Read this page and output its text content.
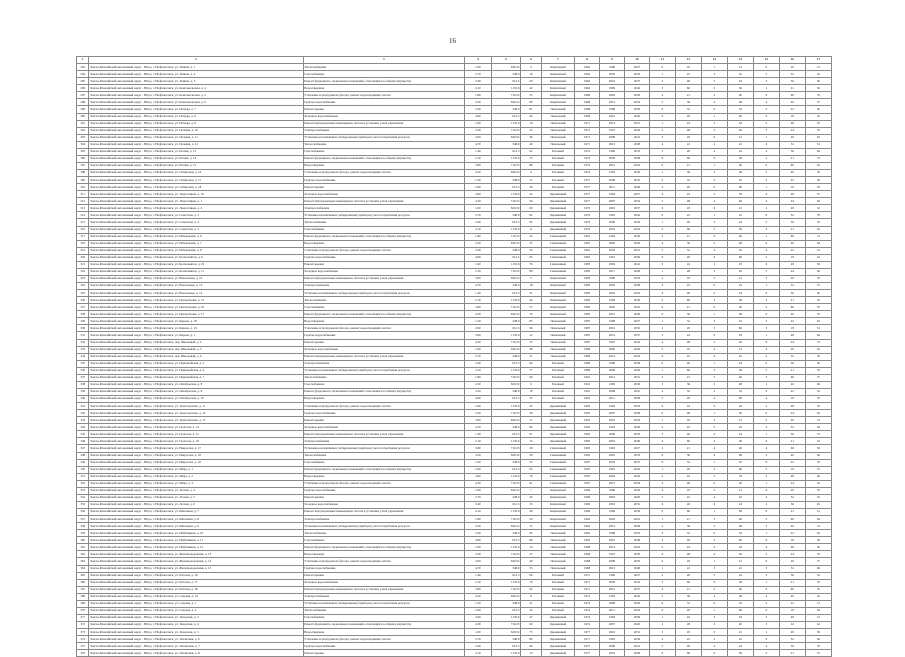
16
1	2	3	4	5	6	7	8	9	10	11	12	13	14	15	16	17
293	Ханты-Мансийский автономный округ - Югра, г. Нефтеюганск, ул. Ленина, д. 1	Теплоснабжение	1.00	620.52	3	Кирпичный	1962	1990	2027	0	18	1	21	0	20	31
294	Ханты-Мансийский автономный округ - Югра, г. Нефтеюганск, ул. Ленина, д. 2	Газоснабжение	2.70	548.9	16	Кирпичный	1962	2003	2032	1	22	3	22	5	52	42
295	Ханты-Мансийский автономный округ - Югра, г. Нефтеюганск, ул. Ленина, д. 3	Ремонт фундамента, подвальных помещений, относящихся к общему имуществу	3.40	612.5	29	Кирпичный	1962	2016	2037	2	40	5	24	3	36	50
296	Ханты-Мансийский автономный округ - Югра, г. Нефтеюганск, ул. Комсомольская, д. 4	Водоотведение	4.10	1135.6	42	Кирпичный	1962	1999	2042	3	60	0	36	1	21	56
297	Ханты-Мансийский автономный округ - Югра, г. Нефтеюганск, ул. Комсомольская, д. 5	Утепление и (или) ремонт фасада, ремонт водоотводящих систем	1.80	710.25	55	Кирпичный	1968	2002	2029	4	21	2	40	6	60	76
298	Ханты-Мансийский автономный округ - Югра, г. Нефтеюганск, ул. Комсомольская, д. 6	Горячее водоснабжение	2.50	620.52	68	Кирпичный	1968	2015	2034	5	36	4	48	4	40	37
299	Ханты-Мансийский автономный округ - Югра, г. Нефтеюганск, ул. Победы, д. 7	Ремонт крыши	3.20	548.9	81	Панельный	1968	1998	2039	6	52	6	52	2	22	46
300	Ханты-Мансийский автономный округ - Югра, г. Нефтеюганск, ул. Победы, д. 8	Холодное водоснабжение	4.90	612.5	94	Панельный	1968	2001	2026	0	20	1	60	0	18	52
301	Ханты-Мансийский автономный округ - Югра, г. Нефтеюганск, ул. Победы, д. 9	Ремонт внутридомовых инженерных систем и установка узлов управления	1.60	1135.6	10	Панельный	1971	2014	2031	1	24	3	18	5	48	70
302	Ханты-Мансийский автономный округ - Югра, г. Нефтеюганск, ул. Полевая, д. 10	Электроснабжение	2.30	710.25	23	Панельный	1971	1997	2036	2	48	5	20	3	24	35
303	Ханты-Мансийский автономный округ - Югра, г. Нефтеюганск, ул. Полевая, д. 11	Установка коллективных (общедомовых) приборов учета потребления ресурсов	3.00	620.52	36	Панельный	1971	2000	2041	3	18	0	21	1	20	45
304	Ханты-Мансийский автономный округ - Югра, г. Нефтеюганск, ул. Полевая, д. 12	Теплоснабжение	4.70	548.9	49	Панельный	1971	2013	2028	4	22	2	22	6	52	51
305	Ханты-Мансийский автономный округ - Югра, г. Нефтеюганск, ул. Речная, д. 13	Газоснабжение	1.40	612.5	62	Блочный	1974	1996	2033	5	40	4	24	4	36	64
306	Ханты-Мансийский автономный округ - Югра, г. Нефтеюганск, ул. Речная, д. 14	Ремонт фундамента, подвальных помещений, относящихся к общему имуществу	2.10	1135.6	75	Блочный	1974	2009	2038	6	60	6	36	2	21	31
307	Ханты-Мансийский автономный округ - Югра, г. Нефтеюганск, ул. Речная, д. 15	Водоотведение	3.80	710.25	88	Блочный	1974	2012	2043	0	21	1	40	0	60	42
308	Ханты-Мансийский автономный округ - Югра, г. Нефтеюганск, ул. Сибирская, д. 16	Утепление и (или) ремонт фасада, ремонт водоотводящих систем	4.50	620.52	4	Блочный	1974	1995	2030	1	36	3	48	5	40	50
309	Ханты-Мансийский автономный округ - Югра, г. Нефтеюганск, ул. Сибирская, д. 17	Горячее водоснабжение	1.20	548.9	17	Блочный	1977	2008	2035	2	52	5	52	3	22	56
310	Ханты-Мансийский автономный округ - Югра, г. Нефтеюганск, ул. Сибирская, д. 18	Ремонт крыши	2.90	612.5	30	Блочный	1977	2011	2040	3	20	0	60	1	18	76
311	Ханты-Мансийский автономный округ - Югра, г. Нефтеюганск, ул. Энергетиков, д. 19	Холодное водоснабжение	3.60	1135.6	43	Деревянный	1977	1994	2027	4	24	2	18	6	48	37
312	Ханты-Мансийский автономный округ - Югра, г. Нефтеюганск, ул. Энергетиков, д. 1	Ремонт внутридомовых инженерных систем и установка узлов управления	4.30	710.25	56	Деревянный	1977	2007	2032	5	48	4	20	4	24	46
313	Ханты-Мансийский автономный округ - Югра, г. Нефтеюганск, ул. Энергетиков, д. 2	Электроснабжение	1.00	620.52	69	Деревянный	1979	2010	2037	6	18	6	21	2	20	52
314	Ханты-Мансийский автономный округ - Югра, г. Нефтеюганск, ул. Советская, д. 3	Установка коллективных (общедомовых) приборов учета потребления ресурсов	2.70	548.9	82	Деревянный	1979	1993	2042	0	22	1	22	0	52	70
315	Ханты-Мансийский автономный округ - Югра, г. Нефтеюганск, ул. Советская, д. 4	Теплоснабжение	3.40	612.5	95	Деревянный	1979	2006	2029	1	40	3	24	5	36	35
316	Ханты-Мансийский автономный округ - Югра, г. Нефтеюганск, ул. Советская, д. 5	Газоснабжение	4.10	1135.6	11	Деревянный	1979	2019	2034	2	60	5	36	3	21	45
317	Ханты-Мансийский автономный округ - Югра, г. Нефтеюганск, ул. Набережная, д. 6	Ремонт фундамента, подвальных помещений, относящихся к общему имуществу	1.80	710.25	24	Смешанный	1981	1992	2039	3	21	0	40	1	60	51
318	Ханты-Мансийский автономный округ - Югра, г. Нефтеюганск, ул. Набережная, д. 7	Водоотведение	2.50	620.52	37	Смешанный	1981	2005	2026	4	36	2	48	6	40	64
319	Ханты-Мансийский автономный округ - Югра, г. Нефтеюганск, ул. Набережная, д. 8	Утепление и (или) ремонт фасада, ремонт водоотводящих систем	3.20	548.9	50	Смешанный	1981	2018	2031	5	52	4	52	4	22	31
320	Ханты-Мансийский автономный округ - Югра, г. Нефтеюганск, ул. Космонавтов, д. 9	Горячее водоснабжение	4.90	612.5	63	Смешанный	1981	1991	2036	6	20	6	60	2	18	42
321	Ханты-Мансийский автономный округ - Югра, г. Нефтеюганск, ул. Космонавтов, д. 10	Ремонт крыши	1.60	1135.6	76	Смешанный	1983	2004	2041	0	24	1	18	0	48	50
322	Ханты-Мансийский автономный округ - Югра, г. Нефтеюганск, ул. Космонавтов, д. 11	Холодное водоснабжение	2.30	710.25	89	Смешанный	1983	2017	2028	1	48	3	20	5	24	56
323	Ханты-Мансийский автономный округ - Югра, г. Нефтеюганск, ул. Вокзальная, д. 12	Ремонт внутридомовых инженерных систем и установка узлов управления	3.00	620.52	5	Кирпичный	1983	1990	2033	2	18	5	21	3	20	76
324	Ханты-Мансийский автономный округ - Югра, г. Нефтеюганск, ул. Вокзальная, д. 13	Электроснабжение	4.70	548.9	18	Кирпичный	1983	2003	2038	3	22	0	22	1	52	37
325	Ханты-Мансийский автономный округ - Югра, г. Нефтеюганск, ул. Вокзальная, д. 14	Установка коллективных (общедомовых) приборов учета потребления ресурсов	1.40	612.5	31	Кирпичный	1985	2016	2043	4	40	2	24	6	36	46
326	Ханты-Мансийский автономный округ - Югра, г. Нефтеюганск, ул. Центральная, д. 15	Теплоснабжение	2.10	1135.6	44	Кирпичный	1985	1999	2030	5	60	4	36	4	21	52
327	Ханты-Мансийский автономный округ - Югра, г. Нефтеюганск, ул. Центральная, д. 16	Газоснабжение	3.80	710.25	57	Кирпичный	1985	2002	2035	6	21	6	40	2	60	70
328	Ханты-Мансийский автономный округ - Югра, г. Нефтеюганск, ул. Центральная, д. 17	Ремонт фундамента, подвальных помещений, относящихся к общему имуществу	4.50	620.52	70	Кирпичный	1985	2015	2040	0	36	1	48	0	40	35
329	Ханты-Мансийский автономный округ - Югра, г. Нефтеюганск, ул. Кирова, д. 18	Водоотведение	1.20	548.9	83	Панельный	1987	1998	2027	1	52	3	52	5	22	45
330	Ханты-Мансийский автономный округ - Югра, г. Нефтеюганск, ул. Кирова, д. 19	Утепление и (или) ремонт фасада, ремонт водоотводящих систем	2.90	612.5	96	Панельный	1987	2001	2032	2	20	5	60	3	18	51
331	Ханты-Мансийский автономный округ - Югра, г. Нефтеюганск, ул. Кирова, д. 1	Горячее водоснабжение	3.60	1135.6	12	Панельный	1987	2014	2037	3	24	0	18	1	48	64
332	Ханты-Мансийский автономный округ - Югра, г. Нефтеюганск, пер. Школьный, д. 2	Ремонт крыши	4.30	710.25	25	Панельный	1987	1997	2042	4	48	2	20	6	24	31
333	Ханты-Мансийский автономный округ - Югра, г. Нефтеюганск, пер. Школьный, д. 3	Холодное водоснабжение	1.00	620.52	38	Панельный	1989	2000	2029	5	18	4	21	4	20	42
334	Ханты-Мансийский автономный округ - Югра, г. Нефтеюганск, пер. Школьный, д. 4	Ремонт внутридомовых инженерных систем и установка узлов управления	2.70	548.9	51	Панельный	1989	2013	2034	6	22	6	22	2	52	50
335	Ханты-Мансийский автономный округ - Югра, г. Нефтеюганск, ул. Первомайская, д. 5	Электроснабжение	3.40	612.5	64	Блочный	1989	1996	2039	0	40	1	24	0	36	56
336	Ханты-Мансийский автономный округ - Югра, г. Нефтеюганск, ул. Первомайская, д. 6	Установка коллективных (общедомовых) приборов учета потребления ресурсов	4.10	1135.6	77	Блочный	1989	2009	2026	1	60	3	36	5	21	76
337	Ханты-Мансийский автономный округ - Югра, г. Нефтеюганск, ул. Первомайская, д. 7	Теплоснабжение	1.80	710.25	90	Блочный	1991	2012	2031	2	21	5	40	3	60	37
338	Ханты-Мансийский автономный округ - Югра, г. Нефтеюганск, ул. Октябрьская, д. 8	Газоснабжение	2.50	620.52	6	Блочный	1991	1995	2036	3	36	0	48	1	40	46
339	Ханты-Мансийский автономный округ - Югра, г. Нефтеюганск, ул. Октябрьская, д. 9	Ремонт фундамента, подвальных помещений, относящихся к общему имуществу	3.20	548.9	19	Блочный	1991	2008	2041	4	52	2	52	6	22	52
340	Ханты-Мансийский автономный округ - Югра, г. Нефтеюганск, ул. Октябрьская, д. 10	Водоотведение	4.90	612.5	32	Блочный	1991	2011	2028	5	20	4	60	4	18	70
341	Ханты-Мансийский автономный округ - Югра, г. Нефтеюганск, ул. Транспортная, д. 11	Утепление и (или) ремонт фасада, ремонт водоотводящих систем	1.60	1135.6	45	Деревянный	1993	1994	2033	6	24	6	18	2	48	35
342	Ханты-Мансийский автономный округ - Югра, г. Нефтеюганск, ул. Транспортная, д. 12	Горячее водоснабжение	2.30	710.25	58	Деревянный	1993	2007	2038	0	48	1	20	0	24	45
343	Ханты-Мансийский автономный округ - Югра, г. Нефтеюганск, ул. Транспортная, д. 13	Ремонт крыши	3.00	620.52	71	Деревянный	1993	2010	2043	1	18	3	21	5	20	51
344	Ханты-Мансийский автономный округ - Югра, г. Нефтеюганск, ул. Геологов, д. 14	Холодное водоснабжение	4.70	548.9	84	Деревянный	1993	1993	2030	2	22	5	22	3	52	64
345	Ханты-Мансийский автономный округ - Югра, г. Нефтеюганск, ул. Геологов, д. 15	Ремонт внутридомовых инженерных систем и установка узлов управления	1.40	612.5	97	Деревянный	1995	2006	2035	3	40	0	24	1	36	31
346	Ханты-Мансийский автономный округ - Югра, г. Нефтеюганск, ул. Геологов, д. 16	Электроснабжение	2.10	1135.6	13	Деревянный	1995	2019	2040	4	60	2	36	6	21	42
347	Ханты-Мансийский автономный округ - Югра, г. Нефтеюганск, ул. Некрасова, д. 17	Установка коллективных (общедомовых) приборов учета потребления ресурсов	3.80	710.25	26	Смешанный	1995	1992	2027	5	21	4	40	4	60	50
348	Ханты-Мансийский автономный округ - Югра, г. Нефтеюганск, ул. Некрасова, д. 18	Теплоснабжение	4.50	620.52	39	Смешанный	1995	2005	2032	6	36	6	48	2	40	56
349	Ханты-Мансийский автономный округ - Югра, г. Нефтеюганск, ул. Некрасова, д. 19	Газоснабжение	1.20	548.9	52	Смешанный	1997	2018	2037	0	52	1	52	0	22	76
350	Ханты-Мансийский автономный округ - Югра, г. Нефтеюганск, ул. Мира, д. 1	Ремонт фундамента, подвальных помещений, относящихся к общему имуществу	2.90	612.5	65	Смешанный	1997	1991	2042	1	20	3	60	5	18	37
351	Ханты-Мансийский автономный округ - Югра, г. Нефтеюганск, ул. Мира, д. 2	Водоотведение	3.60	1135.6	78	Смешанный	1997	2004	2029	2	24	5	18	3	48	46
352	Ханты-Мансийский автономный округ - Югра, г. Нефтеюганск, ул. Мира, д. 3	Утепление и (или) ремонт фасада, ремонт водоотводящих систем	4.30	710.25	91	Смешанный	1997	2017	2034	3	48	0	20	1	24	52
353	Ханты-Мансийский автономный округ - Югра, г. Нефтеюганск, ул. Лесная, д. 4	Горячее водоснабжение	1.00	620.52	7	Кирпичный	1999	1990	2039	4	18	2	21	6	20	70
354	Ханты-Мансийский автономный округ - Югра, г. Нефтеюганск, ул. Лесная, д. 5	Ремонт крыши	2.70	548.9	20	Кирпичный	1999	2003	2026	5	22	4	22	4	52	35
355	Ханты-Мансийский автономный округ - Югра, г. Нефтеюганск, ул. Лесная, д. 6	Холодное водоснабжение	3.40	612.5	33	Кирпичный	1999	2016	2031	6	40	6	24	2	36	45
356	Ханты-Мансийский автономный округ - Югра, г. Нефтеюганск, ул. Школьная, д. 7	Ремонт внутридомовых инженерных систем и установка узлов управления	4.10	1135.6	46	Кирпичный	1999	1999	2036	0	60	1	36	0	21	51
357	Ханты-Мансийский автономный округ - Югра, г. Нефтеюганск, ул. Школьная, д. 8	Электроснабжение	1.80	710.25	59	Кирпичный	1962	2002	2041	1	21	3	40	5	60	64
358	Ханты-Мансийский автономный округ - Югра, г. Нефтеюганск, ул. Школьная, д. 9	Установка коллективных (общедомовых) приборов учета потребления ресурсов	2.50	620.52	72	Кирпичный	1962	2015	2028	2	36	5	48	3	40	31
359	Ханты-Мансийский автономный округ - Югра, г. Нефтеюганск, ул. Нефтяников, д. 10	Теплоснабжение	3.20	548.9	85	Панельный	1962	1998	2033	3	52	0	52	1	22	42
360	Ханты-Мансийский автономный округ - Югра, г. Нефтеюганск, ул. Нефтяников, д. 11	Газоснабжение	4.90	612.5	98	Панельный	1962	2001	2038	4	20	2	60	6	18	50
361	Ханты-Мансийский автономный округ - Югра, г. Нефтеюганск, ул. Нефтяников, д. 12	Ремонт фундамента, подвальных помещений, относящихся к общему имуществу	1.60	1135.6	14	Панельный	1968	2014	2043	5	24	4	18	4	48	56
362	Ханты-Мансийский автономный округ - Югра, г. Нефтеюганск, ул. Железнодорожная, д. 13	Водоотведение	2.30	710.25	27	Панельный	1968	1997	2030	6	48	6	20	2	24	76
363	Ханты-Мансийский автономный округ - Югра, г. Нефтеюганск, ул. Железнодорожная, д. 14	Утепление и (или) ремонт фасада, ремонт водоотводящих систем	3.00	620.52	40	Панельный	1968	2000	2035	0	18	1	21	0	20	37
364	Ханты-Мансийский автономный округ - Югра, г. Нефтеюганск, ул. Железнодорожная, д. 15	Горячее водоснабжение	4.70	548.9	53	Панельный	1968	2013	2040	1	22	3	22	5	52	46
365	Ханты-Мансийский автономный округ - Югра, г. Нефтеюганск, ул. Рабочая, д. 16	Ремонт крыши	1.40	612.5	66	Блочный	1971	1996	2027	2	40	5	24	3	36	52
366	Ханты-Мансийский автономный округ - Югра, г. Нефтеюганск, ул. Рабочая, д. 17	Холодное водоснабжение	2.10	1135.6	79	Блочный	1971	2009	2032	3	60	0	36	1	21	70
367	Ханты-Мансийский автономный округ - Югра, г. Нефтеюганск, ул. Рабочая, д. 18	Ремонт внутридомовых инженерных систем и установка узлов управления	3.80	710.25	92	Блочный	1971	2012	2037	4	21	2	40	6	60	35
368	Ханты-Мансийский автономный округ - Югра, г. Нефтеюганск, ул. Садовая, д. 19	Электроснабжение	4.50	620.52	8	Блочный	1971	1995	2042	5	36	4	48	4	40	45
369	Ханты-Мансийский автономный округ - Югра, г. Нефтеюганск, ул. Садовая, д. 1	Установка коллективных (общедомовых) приборов учета потребления ресурсов	1.20	548.9	21	Блочный	1974	2008	2029	6	52	6	52	2	22	51
370	Ханты-Мансийский автономный округ - Югра, г. Нефтеюганск, ул. Садовая, д. 2	Теплоснабжение	2.90	612.5	34	Блочный	1974	2011	2034	0	20	1	60	0	18	64
371	Ханты-Мансийский автономный округ - Югра, г. Нефтеюганск, ул. Заводская, д. 3	Газоснабжение	3.60	1135.6	47	Деревянный	1974	1994	2039	1	24	3	18	5	48	31
372	Ханты-Мансийский автономный округ - Югра, г. Нефтеюганск, ул. Заводская, д. 4	Ремонт фундамента, подвальных помещений, относящихся к общему имуществу	4.30	710.25	60	Деревянный	1974	2007	2026	2	48	5	20	3	24	42
373	Ханты-Мансийский автономный округ - Югра, г. Нефтеюганск, ул. Заводская, д. 5	Водоотведение	1.00	620.52	73	Деревянный	1977	2010	2031	3	18	0	21	1	20	50
374	Ханты-Мансийский автономный округ - Югра, г. Нефтеюганск, ул. Тепличная, д. 6	Утепление и (или) ремонт фасада, ремонт водоотводящих систем	2.70	548.9	86	Деревянный	1977	1993	2036	4	22	2	22	6	52	56
375	Ханты-Мансийский автономный округ - Югра, г. Нефтеюганск, ул. Тепличная, д. 7	Горячее водоснабжение	3.40	612.5	99	Деревянный	1977	2006	2041	5	40	4	24	4	36	76
376	Ханты-Мансийский автономный округ - Югра, г. Нефтеюганск, ул. Тепличная, д. 8	Ремонт крыши	4.10	1135.6	15	Деревянный	1977	2019	2028	6	60	6	36	2	21	37
